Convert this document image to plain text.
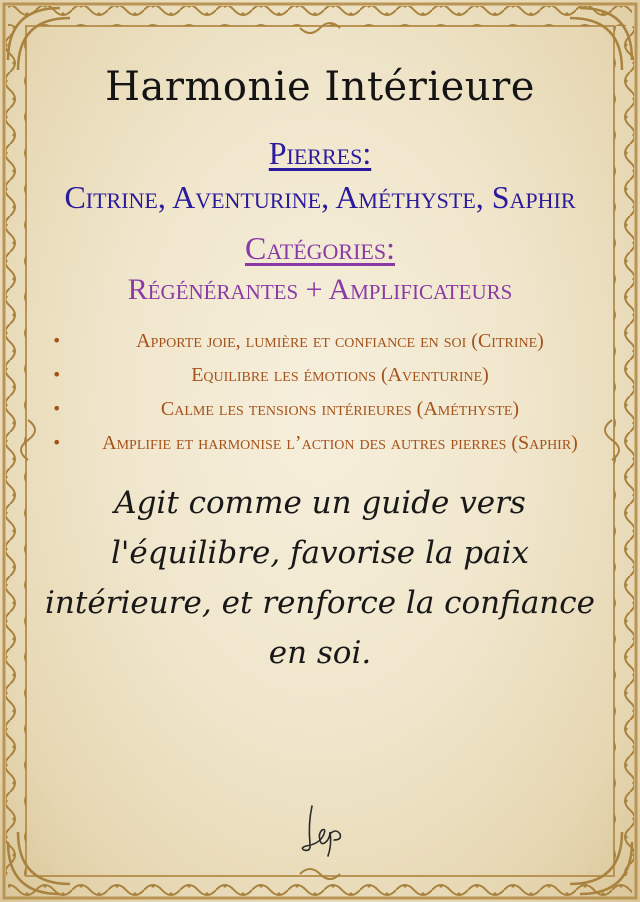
Harmonie Intérieure
Pierres:
Citrine, Aventurine, Améthyste, Saphir
Catégories:
Régénérantes + Amplificateurs
•	Apporte joie, lumière et confiance en soi (Citrine)
•	Equilibre les émotions (Aventurine)
•	Calme les tensions intérieures (Améthyste)
•	Amplifie et harmonise l’action des autres pierres (Saphir)
Agit comme un guide vers l'équilibre, favorise la paix intérieure, et renforce la confiance en soi.
